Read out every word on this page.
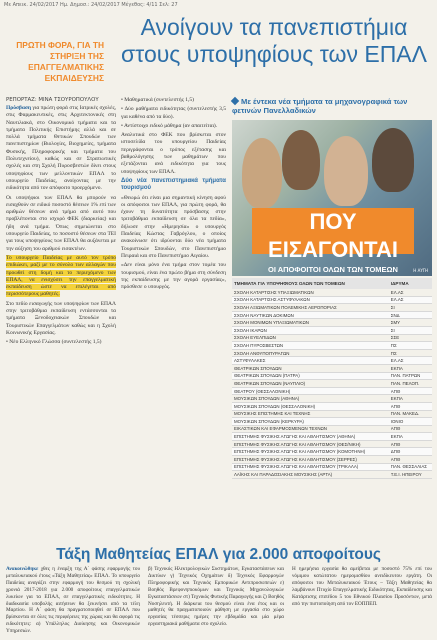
Με Απεικ. 24/02/2017 Ημ. Δημοσ.: 24/02/2017 Μέγεθος: 4/11 Σελ: 27
ΠΡΩΤΗ ΦΟΡΑ, ΓΙΑ ΤΗ ΣΤΗΡΙΞΗ ΤΗΣ ΕΠΑΓΓΕΛΜΑΤΙΚΗΣ ΕΚΠΑΙΔΕΥΣΗΣ
Ανοίγουν τα πανεπιστήμια στους υποψηφίους των ΕΠΑΛ
ΡΕΠΟΡΤΑΖ: ΜΙΝΑ ΤΣΟΥΡΟΠΟΥΛΟΥ

Πρόσβαση για πρώτη φορά στις Ιατρικές σχολές, στις Φαρμακευτικές, στις Αρχιτεκτονικές στη Ναυτιλιακά, στο Οικονομικό τμήματα και τα τμήματα Πολιτικής Επιστήμης αλλά και σε πολλά τμήματα Θετικών Σπουδών των πανεπιστημίων (Βιολογίες, Βιοχημείες, τμήματα Φυσικής, Πληροφορικής και τμήματα του Πολυτεχνείου), καθώς και σε Στρατιωτικές σχολές και στη Σχολή Πυροσβεστών δίνει στους υποψηφίους των μελλοντικών ΕΠΑΛ το υπουργείο Παιδείας, ανοίγοντας με την ειδικότητα από τον απόφοιτο προερχόμενο.

Οι υποψήφιοι των ΕΠΑΛ θα μπορούν να εισαχθούν σε ειδικό ποσοστό θέσεων 1% επί των αριθμών θέσεων ανά τμήμα από αυτό που προβλέπονται στο ισχυρό ΦΕΚ (διαρκείας) και ήδη ανά τμήμα. Όπως σημειώνεται στο υπουργείο Παιδείας, το ποσοστό θέσεων στα ΤΕΙ για τους υποψηφίους των ΕΠΑΛ θα αυξάνεται με την αύξηση του αριθμού εισακτέων.

Το υπουργείο Παιδείας με αυτό τον τρόπο επιδιώκει, μαζί με το σύνολο των αλλαγών που προωθεί στη δομή και το περιεχόμενο των ΕΠΑΛ, να ενισχύσει την επαγγελματική εκπαίδευση ώστε να επιλέγεται από περισσότερους μαθητές.

Στο πεδίο εισαγωγής των υποψηφίων των ΕΠΑΛ στην τριτοβάθμια εκπαίδευση εντάσσονται τα τμήματα Ξενοδοχειακών Σπουδών και Τουριστικών Επαγγελμάτων καθώς και η Σχολή Κοινωνικής Εργασίας.

• Νέο Ελληνικό Γλώσσα (συντελεστής 1,5)

• Μαθηματικά (συντελεστής 1,5)

• Δύο μαθήματα ειδικότητας (συντελεστής 3,5 για καθένα από τα δύο).

• Αντίστοιχο ειδικό μάθημα (αν απαιτείται).

Αναλυτικά στο ΦΕΚ που βρίσκεται στον ιστοσελίδα του υπουργείου Παιδείας περιγράφονται ο τρόπος εξέτασης και βαθμολόγησης των μαθημάτων που εξετάζονται ανά ειδικότητα για τους υποψηφίους των ΕΠΑΛ.

Δύο νέα πανεπιστημιακά τμήματα τουρισμού

«Θεωρώ ότι είναι μια σημαντική κίνηση αφού οι απόφοιτοι των ΕΠΑΛ, για πρώτη φορά, θα έχουν τη δυνατότητα πρόσβασης στην τριτοβάθμια εκπαίδευση σε όλα τα πεδία», δήλωσε στην «Ημερησία» ο υπουργός Παιδείας Κώστας Γαβρόγλου, ο οποίος ανακοίνωσε ότι ιδρύονται δύο νέα τμήματα Τουριστικών Σπουδών, στο Πανεπιστήμιο Πειραιά και στο Πανεπιστήμιο Αιγαίου.

«Δεν είναι μόνο ένα τμήμα στον τομέα του τουρισμού, είναι ένα πρώτο βήμα στη σύνδεση της εκπαίδευσης με την αγορά εργασίας», πρόσθεσε ο υπουργός.

Με έντεκα νέα τμήματα τα μηχανογραφικά των φετινών Πανελλαδικών
ΠΟΥ ΕΙΣΑΓΟΝΤΑΙ
ΟΙ ΑΠΟΦΟΙΤΟΙ ΟΛΩΝ ΤΩΝ ΤΟΜΕΩΝ	Η ΑΥΓΗ
ΤΜΗΜΑΤΑ ΓΙΑ ΥΠΟΨΗΦΙΟΥΣ ΟΛΩΝ ΤΩΝ ΤΟΜΕΩΝ	ΙΔΡΥΜΑ
ΣΧΟΛΗ ΚΑΤΑΡΤΙΣΗΣ ΥΠΑΞΙΩΜΑΤΙΚΩΝ	ΕΛ.ΑΣ
ΣΧΟΛΗ ΚΑΤΑΡΤΙΣΗΣ ΑΣΤΥΦΥΛΑΚΩΝ	ΕΛ.ΑΣ
ΣΧΟΛΗ ΑΞΙΩΜΑΤΙΚΩΝ ΠΟΛΕΜΙΚΗΣ ΑΕΡΟΠΟΡΙΑΣ	ΣΙ
ΣΧΟΛΗ ΝΑΥΤΙΚΩΝ ΔΟΚΙΜΩΝ	ΣΝΔ
ΣΧΟΛΗ ΜΟΝΙΜΩΝ ΥΠΑΞΙΩΜΑΤΙΚΩΝ	ΣΜΥ
ΣΧΟΛΗ ΙΚΑΡΩΝ	ΣΙ
ΣΧΟΛΗ ΕΥΕΛΠΙΔΩΝ	ΣΣΕ
ΣΧΟΛΗ ΠΥΡΟΣΒΕΣΤΩΝ	ΠΣ
ΣΧΟΛΗ ΑΝΘΥΠΟΠΥΡΑΓΩΝ	ΠΣ
ΑΣΤΥΦΥΛΑΚΕΣ	ΕΛ.ΑΣ
ΘΕΑΤΡΙΚΩΝ ΣΠΟΥΔΩΝ	ΕΚΠΑ
ΘΕΑΤΡΙΚΩΝ ΣΠΟΥΔΩΝ (ΠΑΤΡΑ)	ΠΑΝ. ΠΑΤΡΩΝ
ΘΕΑΤΡΙΚΩΝ ΣΠΟΥΔΩΝ (ΝΑΥΠΛΙΟ)	ΠΑΝ. ΠΕΛΟΠ.
ΘΕΑΤΡΟΥ (ΘΕΣΣΑΛΟΝΙΚΗ)	ΑΠΘ
ΜΟΥΣΙΚΩΝ ΣΠΟΥΔΩΝ (ΑΘΗΝΑ)	ΕΚΠΑ
ΜΟΥΣΙΚΩΝ ΣΠΟΥΔΩΝ (ΘΕΣΣΑΛΟΝΙΚΗ)	ΑΠΘ
ΜΟΥΣΙΚΗΣ ΕΠΙΣΤΗΜΗΣ ΚΑΙ ΤΕΧΝΗΣ	ΠΑΝ. ΜΑΚΕΔ.
ΜΟΥΣΙΚΩΝ ΣΠΟΥΔΩΝ (ΚΕΡΚΥΡΑ)	ΙΟΝΙΟ
ΕΙΚΑΣΤΙΚΩΝ ΚΑΙ ΕΦΑΡΜΟΣΜΕΝΩΝ ΤΕΧΝΩΝ	ΑΠΘ
ΕΠΙΣΤΗΜΗΣ ΦΥΣΙΚΗΣ ΑΓΩΓΗΣ ΚΑΙ ΑΘΛΗΤΙΣΜΟΥ (ΑΘΗΝΑ)	ΕΚΠΑ
ΕΠΙΣΤΗΜΗΣ ΦΥΣΙΚΗΣ ΑΓΩΓΗΣ ΚΑΙ ΑΘΛΗΤΙΣΜΟΥ (ΘΕΣ/ΝΙΚΗ)	ΑΠΘ
ΕΠΙΣΤΗΜΗΣ ΦΥΣΙΚΗΣ ΑΓΩΓΗΣ ΚΑΙ ΑΘΛΗΤΙΣΜΟΥ (ΚΟΜΟΤΗΝΗ)	ΔΠΘ
ΕΠΙΣΤΗΜΗΣ ΦΥΣΙΚΗΣ ΑΓΩΓΗΣ ΚΑΙ ΑΘΛΗΤΙΣΜΟΥ (ΣΕΡΡΕΣ)	ΑΠΘ
ΕΠΙΣΤΗΜΗΣ ΦΥΣΙΚΗΣ ΑΓΩΓΗΣ ΚΑΙ ΑΘΛΗΤΙΣΜΟΥ (ΤΡΙΚΑΛΑ)	ΠΑΝ. ΘΕΣΣΑΛΙΑΣ
ΛΑΪΚΗΣ ΚΑΙ ΠΑΡΑΔΟΣΙΑΚΗΣ ΜΟΥΣΙΚΗΣ (ΑΡΤΑ)	Τ.Ε.Ι. ΗΠΕΙΡΟΥ
Τάξη Μαθητείας ΕΠΑΛ για 2.000 αποφοίτους
Ανακοινώθηκε χθες η έναρξη της Α΄ φάσης εφαρμογής του μεταλυκειακού έτους «Τάξη Μαθητείας» ΕΠΑΛ. Το υπουργείο Παιδείας αναγάζει στην εφαρμογή του θεσμού τη σχολική χρονιά 2017-2018 για 2.000 αποφοίτους επαγγελματικών λυκείων για τα ΕΠΑΛ, σε επαγγελματικές ειδικότητες. Η διαδικασία υποβολής αιτήσεων θα ξεκινήσει από τα τέλη Μαρτίου. Η Α΄ φάση θα πραγματοποιηθεί σε ΕΠΑΛ που βρίσκονται σε όλες τις περιφέρειες της χώρας και θα αφορά τις ειδικότητες: α) Υπάλληλος Διοίκησης και Οικονομικών Υπηρεσιών.
β) Τεχνικός Ηλεκτρολογικών Συστημάτων, Εγκαταστάσεων και Δικτύων γ) Τεχνικός Οχημάτων δ) Τεχνικός Εφαρμογών Πληροφορικής και Τεχνικός Εμπορικών Αντιπροσωπειών ε) Βοηθός Βρεφονηπιοκόμων και Τεχνικός Μηχανολογικών Εγκαταστάσεων στ) Τεχνικός Φυτικής Παραγωγής και ζ) Βοηθός Νοσηλευτή. Η διάρκεια του θεσμού είναι ένα έτος και οι μαθητές θα πραγματοποιούν μάθηση με εργασία στο χώρο εργασίας τέσσερις ημέρες την εβδομάδα και μία μέρα εργαστηριακά μαθήματα στο σχολείο.
Η ημερήσια εργασία θα αμείβεται με ποσοστό 75% επί του νόμιμου κατώτατου ημερομισθίου ανειδίκευτου εργάτη. Οι απόφοιτοι του Μεταλυκειακού Έτους – Τάξη Μαθητείας θα λαμβάνουν Πτυχίο Επαγγελματικής Ειδικότητας, Εκπαίδευσης και Κατάρτισης επιπέδου 5 του Εθνικού Πλαισίου Προσόντων, μετά από την πιστοποίηση από τον ΕΟΠΠΕΠ.
